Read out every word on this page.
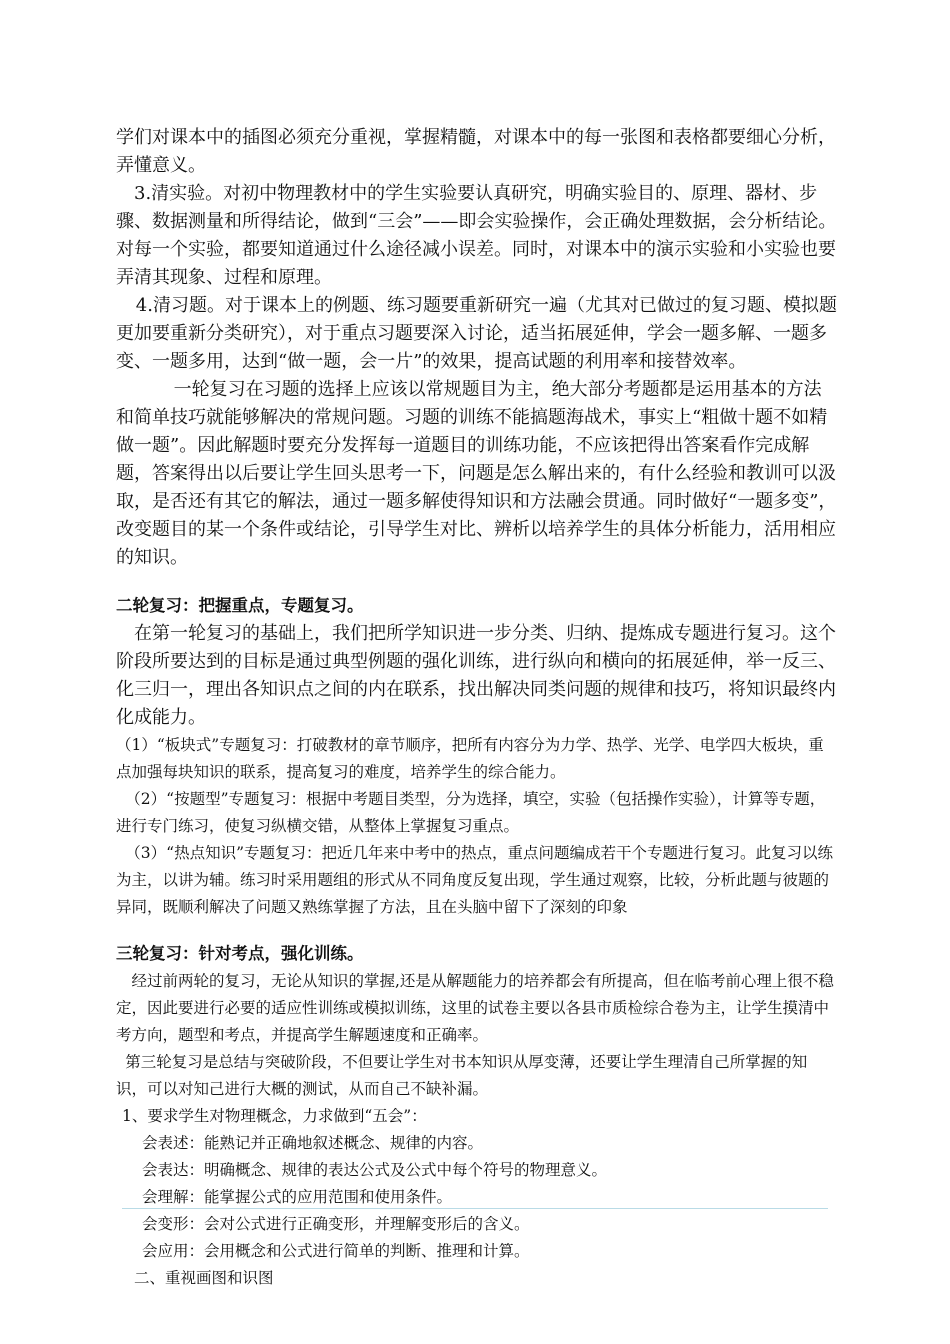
学们对课本中的插图必须充分重视，掌握精髓，对课本中的每一张图和表格都要细心分析，弄懂意义。

3.清实验。对初中物理教材中的学生实验要认真研究，明确实验目的、原理、器材、步骤、数据测量和所得结论，做到“三会”——即会实验操作，会正确处理数据，会分析结论。对每一个实验，都要知道通过什么途径减小误差。同时，对课本中的演示实验和小实验也要弄清其现象、过程和原理。

4.清习题。对于课本上的例题、练习题要重新研究一遍（尤其对已做过的复习题、模拟题更加要重新分类研究），对于重点习题要深入讨论，适当拓展延伸，学会一题多解、一题多变、一题多用，达到“做一题，会一片”的效果，提高试题的利用率和接替效率。

一轮复习在习题的选择上应该以常规题目为主，绝大部分考题都是运用基本的方法和简单技巧就能够解决的常规问题。习题的训练不能搞题海战术，事实上“粗做十题不如精做一题”。因此解题时要充分发挥每一道题目的训练功能，不应该把得出答案看作完成解题，答案得出以后要让学生回头思考一下，问题是怎么解出来的，有什么经验和教训可以汲取，是否还有其它的解法，通过一题多解使得知识和方法融会贯通。同时做好“一题多变”，改变题目的某一个条件或结论，引导学生对比、辨析以培养学生的具体分析能力，活用相应的知识。

二轮复习：把握重点，专题复习。

在第一轮复习的基础上，我们把所学知识进一步分类、归纳、提炼成专题进行复习。这个阶段所要达到的目标是通过典型例题的强化训练，进行纵向和横向的拓展延伸，举一反三、化三归一，理出各知识点之间的内在联系，找出解决同类问题的规律和技巧，将知识最终内化成能力。

（1）“板块式”专题复习：打破教材的章节顺序，把所有内容分为力学、热学、光学、电学四大板块，重点加强每块知识的联系，提高复习的难度，培养学生的综合能力。

（2）“按题型”专题复习：根据中考题目类型，分为选择，填空，实验（包括操作实验），计算等专题，进行专门练习，使复习纵横交错，从整体上掌握复习重点。

（3）“热点知识”专题复习：把近几年来中考中的热点，重点问题编成若干个专题进行复习。此复习以练为主，以讲为辅。练习时采用题组的形式从不同角度反复出现，学生通过观察，比较，分析此题与彼题的异同，既顺利解决了问题又熟练掌握了方法，且在头脑中留下了深刻的印象

三轮复习：针对考点，强化训练。

经过前两轮的复习，无论从知识的掌握,还是从解题能力的培养都会有所提高，但在临考前心理上很不稳定，因此要进行必要的适应性训练或模拟训练，这里的试卷主要以各县市质检综合卷为主，让学生摸清中考方向，题型和考点，并提高学生解题速度和正确率。

第三轮复习是总结与突破阶段，不但要让学生对书本知识从厚变薄，还要让学生理清自己所掌握的知识，可以对知己进行大概的测试，从而自己不缺补漏。

1、要求学生对物理概念，力求做到“五会”：

会表述：能熟记并正确地叙述概念、规律的内容。

会表达：明确概念、规律的表达公式及公式中每个符号的物理意义。

会理解：能掌握公式的应用范围和使用条件。

会变形：会对公式进行正确变形，并理解变形后的含义。

会应用：会用概念和公式进行简单的判断、推理和计算。

二、重视画图和识图
